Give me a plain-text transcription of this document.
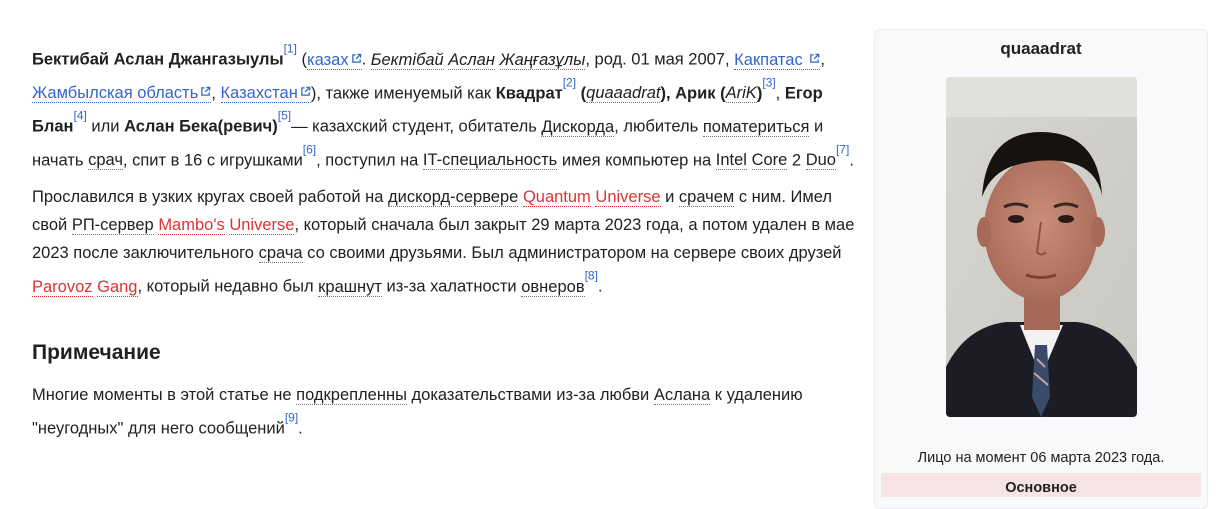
Бектибай Аслан Джангазыулы[1] (казах . Бектібай Аслан Жаңғазұлы, род. 01 мая 2007, Какпатас , Жамбылская область , Казахстан ), также именуемый как Квадрат[2] (quaaadrat), Арик (AriK)[3], Егор Блан[4] или Аслан Бека(ревич)[5]— казахский студент, обитатель Дискорда, любитель поматериться и начать срач, спит в 16 с игрушками[6], поступил на IT-специальность имея компьютер на Intel Core 2 Duo[7].

Прославился в узких кругах своей работой на дискорд-сервере Quantum Universe и срачем с ним. Имел свой РП-сервер Mambo's Universe, который сначала был закрыт 29 марта 2023 года, а потом удален в мае 2023 после заключительного срача со своими друзьями. Был администратором на сервере своих друзей Parovoz Gang, который недавно был крашнут из-за халатности овнеров[8].

Примечание

Многие моменты в этой статье не подкрепленны доказательствами из-за любви Аслана к удалению "неугодных" для него сообщений[9].

quaaadrat
Лицо на момент 06 марта 2023 года.
Основное
